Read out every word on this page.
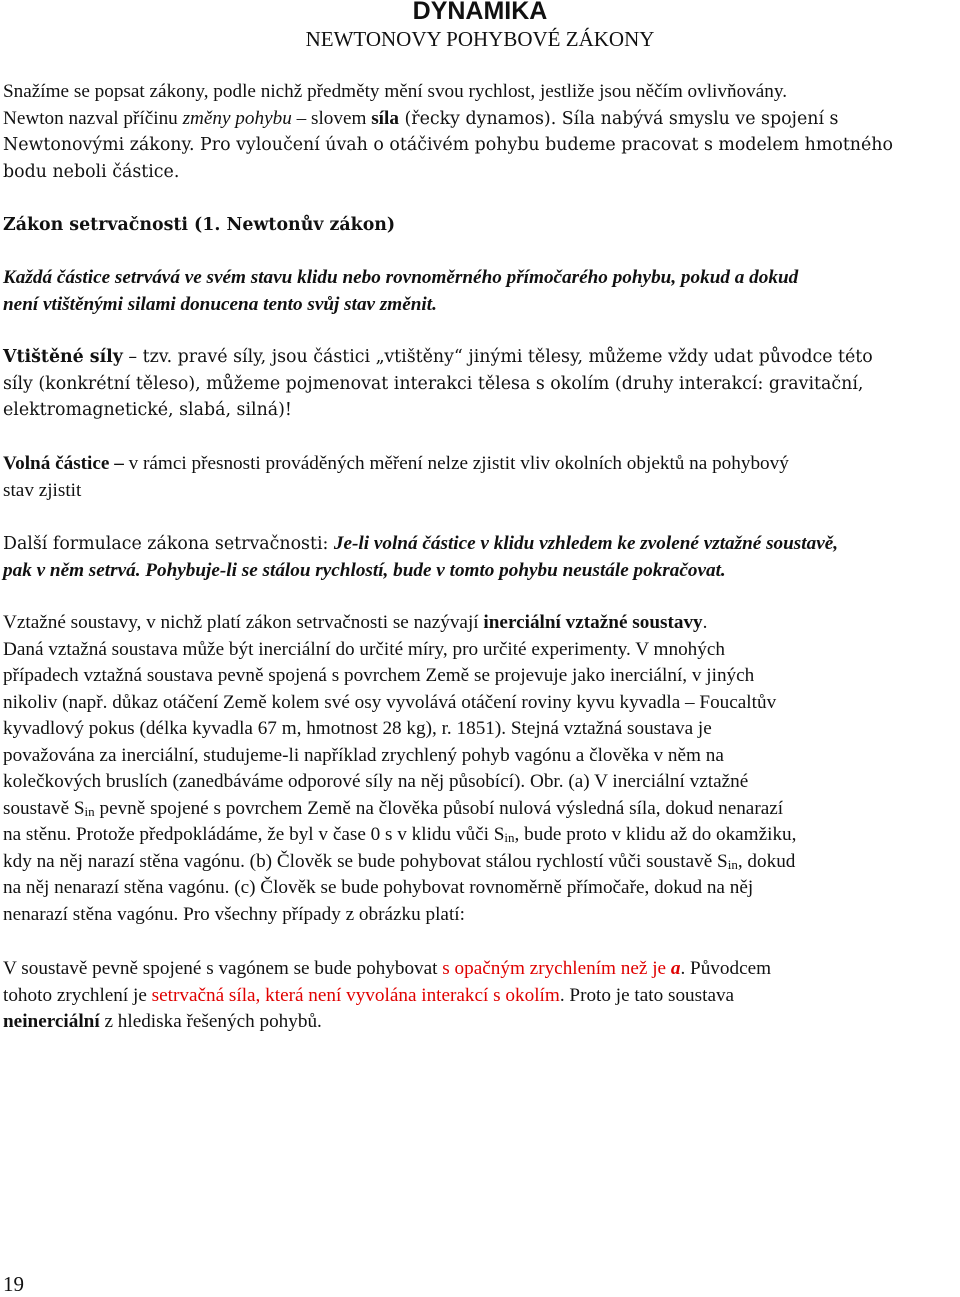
DYNAMIKA
NEWTONOVY POHYBOVÉ ZÁKONY
Snažíme se popsat zákony, podle nichž předměty mění svou rychlost, jestliže jsou něčím ovlivňovány.
Newton nazval příčinu změny pohybu – slovem síla (řecky dynamos). Síla nabývá smyslu ve spojení s
Newtonovými zákony. Pro vyloučení úvah o otáčivém pohybu budeme pracovat s modelem hmotného
bodu neboli částice.
Zákon setrvačnosti (1. Newtonův zákon)
Každá částice setrvává ve svém stavu klidu nebo rovnoměrného přímočarého pohybu, pokud a dokud
není vtištěnými silami donucena tento svůj stav změnit.
Vtištěné síly – tzv. pravé síly, jsou částici „vtištěny“ jinými tělesy, můžeme vždy udat původce této
síly (konkrétní těleso), můžeme pojmenovat interakci tělesa s okolím (druhy interakcí: gravitační,
elektromagnetické, slabá, silná)!
Volná částice – v rámci přesnosti prováděných měření nelze zjistit vliv okolních objektů na pohybový
stav zjistit
Další formulace zákona setrvačnosti: Je-li volná částice v klidu vzhledem ke zvolené vztažné soustavě,
pak v něm setrvá. Pohybuje-li se stálou rychlostí, bude v tomto pohybu neustále pokračovat.
Vztažné soustavy, v nichž platí zákon setrvačnosti se nazývají inerciální vztažné soustavy.
Daná vztažná soustava může být inerciální do určité míry, pro určité experimenty. V mnohých
případech vztažná soustava pevně spojená s povrchem Země se projevuje jako inerciální, v jiných
nikoliv (např. důkaz otáčení Země kolem své osy vyvolává otáčení roviny kyvu kyvadla – Foucaltův
kyvadlový pokus (délka kyvadla 67 m, hmotnost 28 kg), r. 1851). Stejná vztažná soustava je
považována za inerciální, studujeme-li například zrychlený pohyb vagónu a člověka v něm na
kolečkových bruslích (zanedbáváme odporové síly na něj působící). Obr. (a) V inerciální vztažné
soustavě $S_{in}$ pevně spojené s povrchem Země na člověka působí nulová výsledná síla, dokud nenarazí
na stěnu. Protože předpokládáme, že byl v čase 0 s v klidu vůči $S_{in}$, bude proto v klidu až do okamžiku,
kdy na něj narazí stěna vagónu. (b) Člověk se bude pohybovat stálou rychlostí vůči soustavě $S_{in}$, dokud
na něj nenarazí stěna vagónu. (c) Člověk se bude pohybovat rovnoměrně přímočaře, dokud na něj
nenarazí stěna vagónu. Pro všechny případy z obrázku platí:
V soustavě pevně spojené s vagónem se bude pohybovat s opačným zrychlením než je a. Původcem
tohoto zrychlení je setrvačná síla, která není vyvolána interakcí s okolím. Proto je tato soustava
neinerciální z hlediska řešených pohybů.
19
